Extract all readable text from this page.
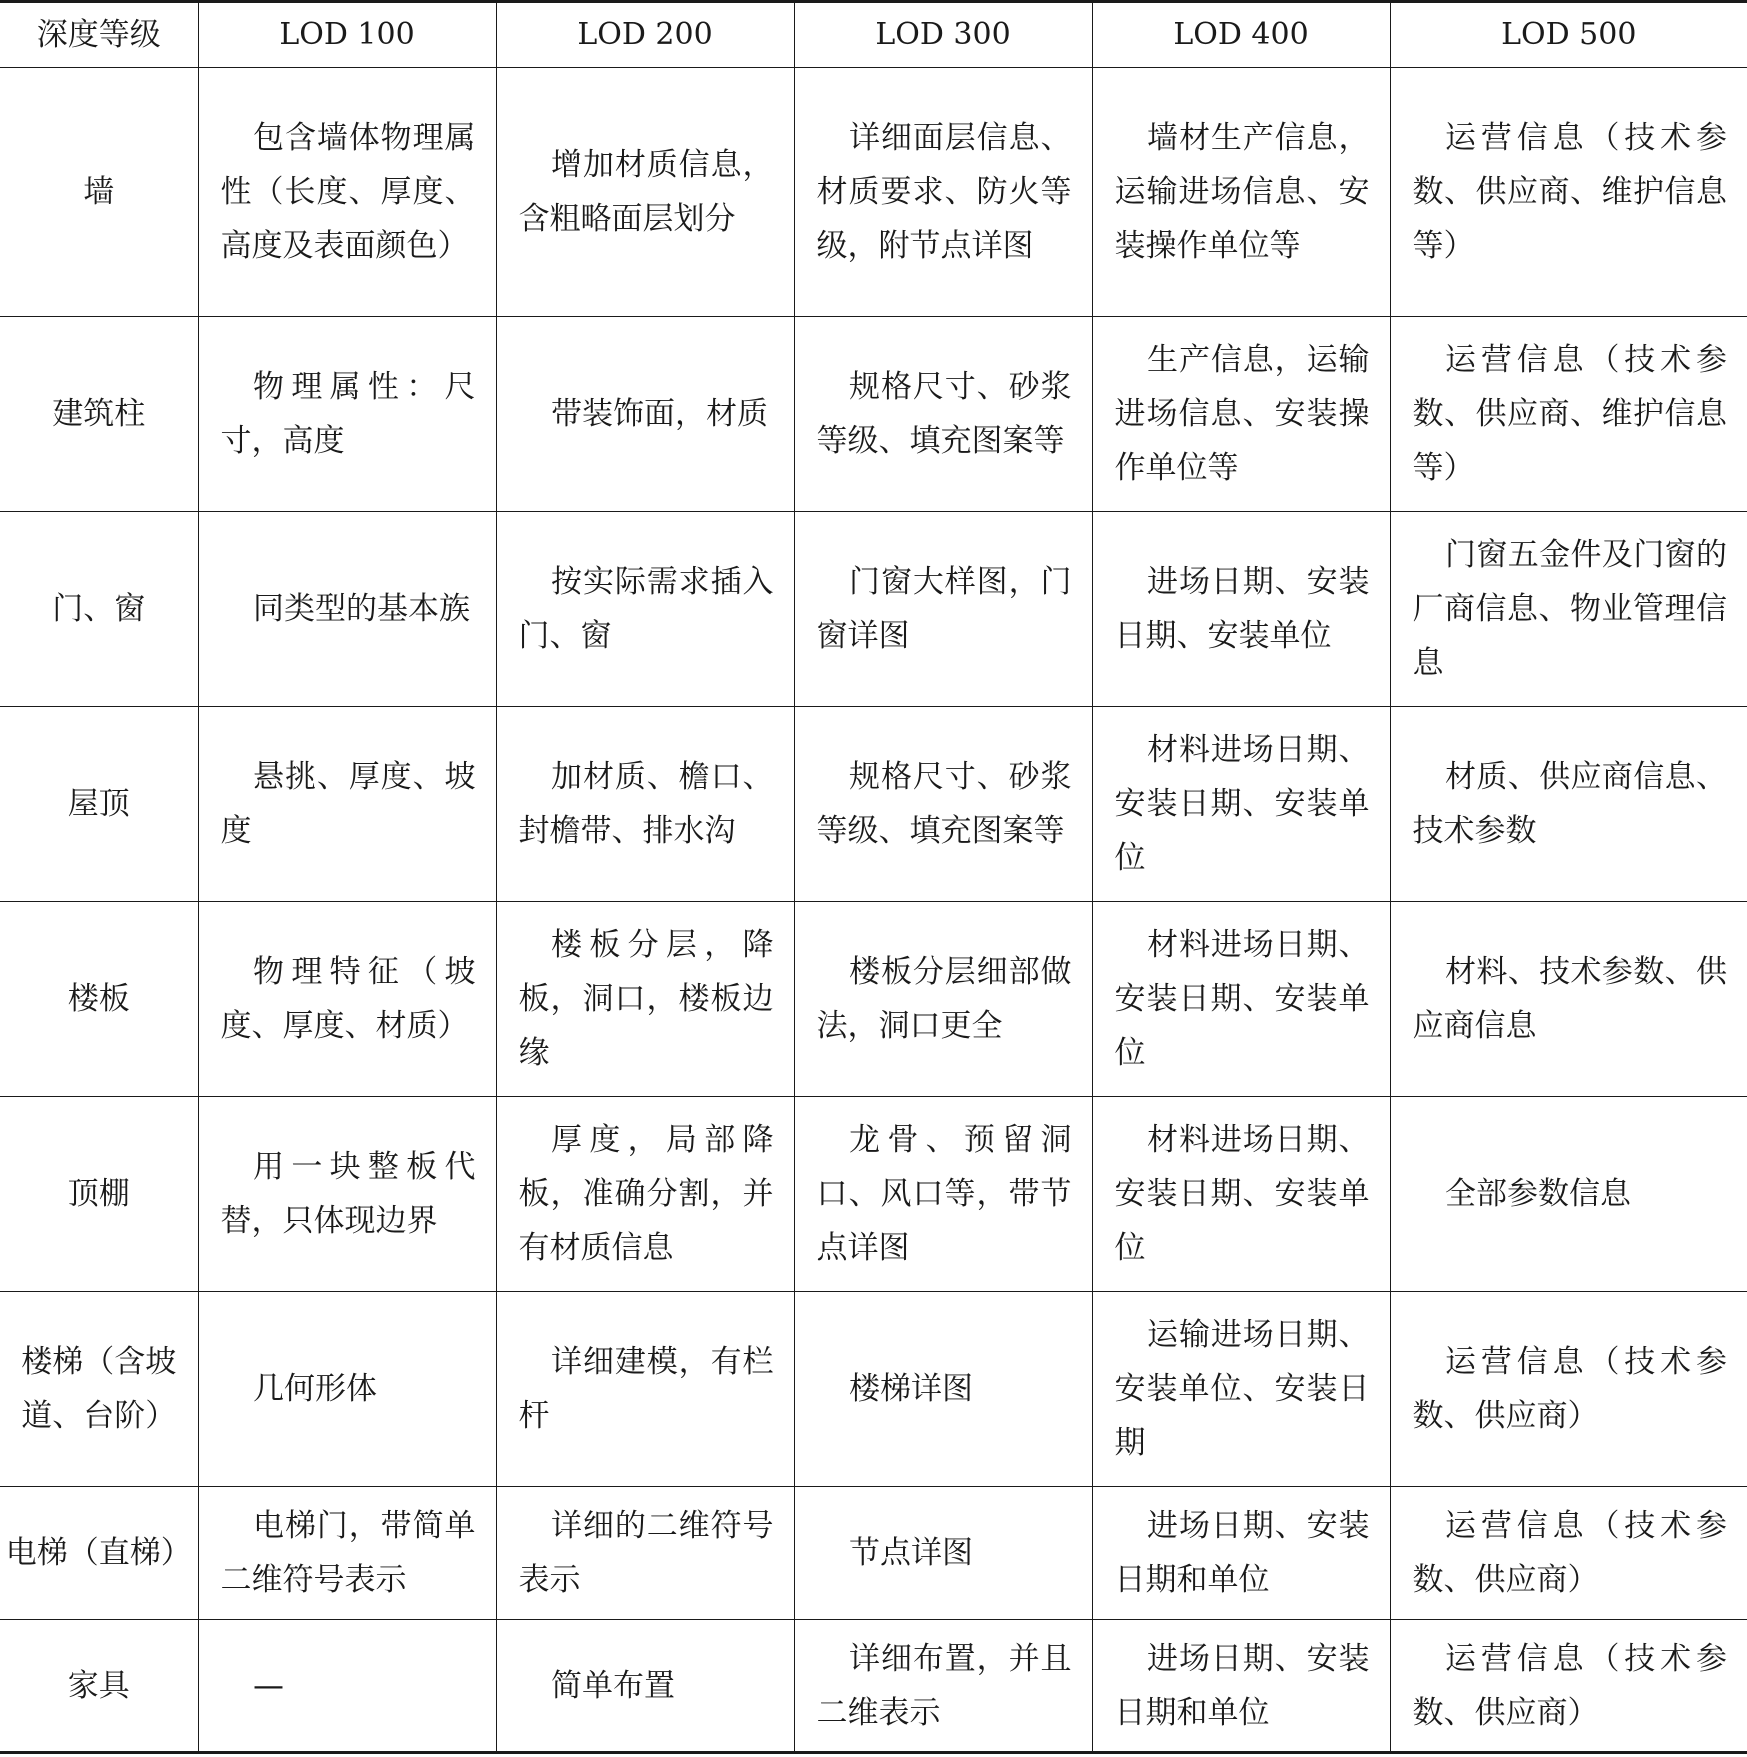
深度等级	LOD 100	LOD 200	LOD 300	LOD 400	LOD 500
墙	包含墙体物理属性（长度、厚度、高度及表面颜色）	增加材质信息，含粗略面层划分	详细面层信息、材质要求、防火等级，附节点详图	墙材生产信息，运输进场信息、安装操作单位等	运营信息（技术参数、供应商、维护信息等）
建筑柱	物理属性：尺寸，高度	带装饰面，材质	规格尺寸、砂浆等级、填充图案等	生产信息，运输进场信息、安装操作单位等	运营信息（技术参数、供应商、维护信息等）
门、窗	同类型的基本族	按实际需求插入门、窗	门窗大样图，门窗详图	进场日期、安装日期、安装单位	门窗五金件及门窗的厂商信息、物业管理信息
屋顶	悬挑、厚度、坡度	加材质、檐口、封檐带、排水沟	规格尺寸、砂浆等级、填充图案等	材料进场日期、安装日期、安装单位	材质、供应商信息、技术参数
楼板	物理特征（坡度、厚度、材质）	楼板分层，降板，洞口，楼板边缘	楼板分层细部做法，洞口更全	材料进场日期、安装日期、安装单位	材料、技术参数、供应商信息
顶棚	用一块整板代替，只体现边界	厚度，局部降板，准确分割，并有材质信息	龙骨、预留洞口、风口等，带节点详图	材料进场日期、安装日期、安装单位	全部参数信息
楼梯（含坡道、台阶）	几何形体	详细建模，有栏杆	楼梯详图	运输进场日期、安装单位、安装日期	运营信息（技术参数、供应商）
电梯（直梯）	电梯门，带简单二维符号表示	详细的二维符号表示	节点详图	进场日期、安装日期和单位	运营信息（技术参数、供应商）
家具	—	简单布置	详细布置，并且二维表示	进场日期、安装日期和单位	运营信息（技术参数、供应商）
